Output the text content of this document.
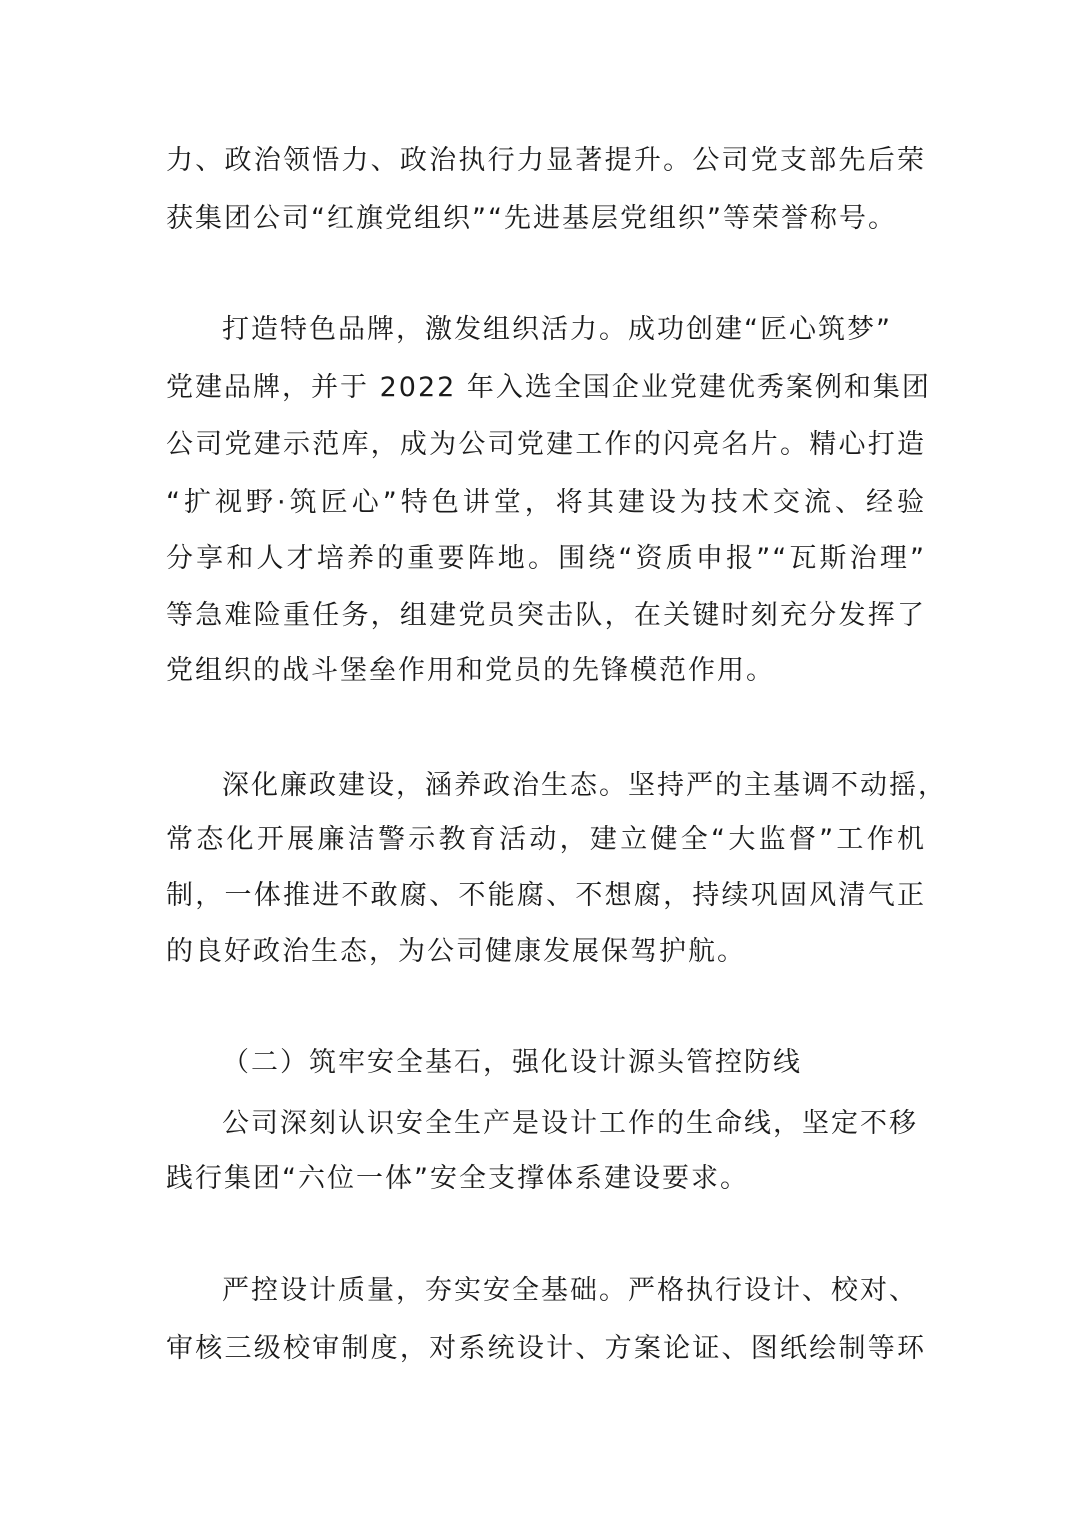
力、政治领悟力、政治执行力显著提升。公司党支部先后荣
获集团公司“红旗党组织”“先进基层党组织”等荣誉称号。
打造特色品牌，激发组织活力。成功创建“匠心筑梦”
党建品牌，并于 2022 年入选全国企业党建优秀案例和集团
公司党建示范库，成为公司党建工作的闪亮名片。精心打造
“扩视野·筑匠心”特色讲堂，将其建设为技术交流、经验
分享和人才培养的重要阵地。围绕“资质申报”“瓦斯治理”
等急难险重任务，组建党员突击队，在关键时刻充分发挥了
党组织的战斗堡垒作用和党员的先锋模范作用。
深化廉政建设，涵养政治生态。坚持严的主基调不动摇，
常态化开展廉洁警示教育活动，建立健全“大监督”工作机
制，一体推进不敢腐、不能腐、不想腐，持续巩固风清气正
的良好政治生态，为公司健康发展保驾护航。
（二）筑牢安全基石，强化设计源头管控防线
公司深刻认识安全生产是设计工作的生命线，坚定不移
践行集团“六位一体”安全支撑体系建设要求。
严控设计质量，夯实安全基础。严格执行设计、校对、
审核三级校审制度，对系统设计、方案论证、图纸绘制等环
